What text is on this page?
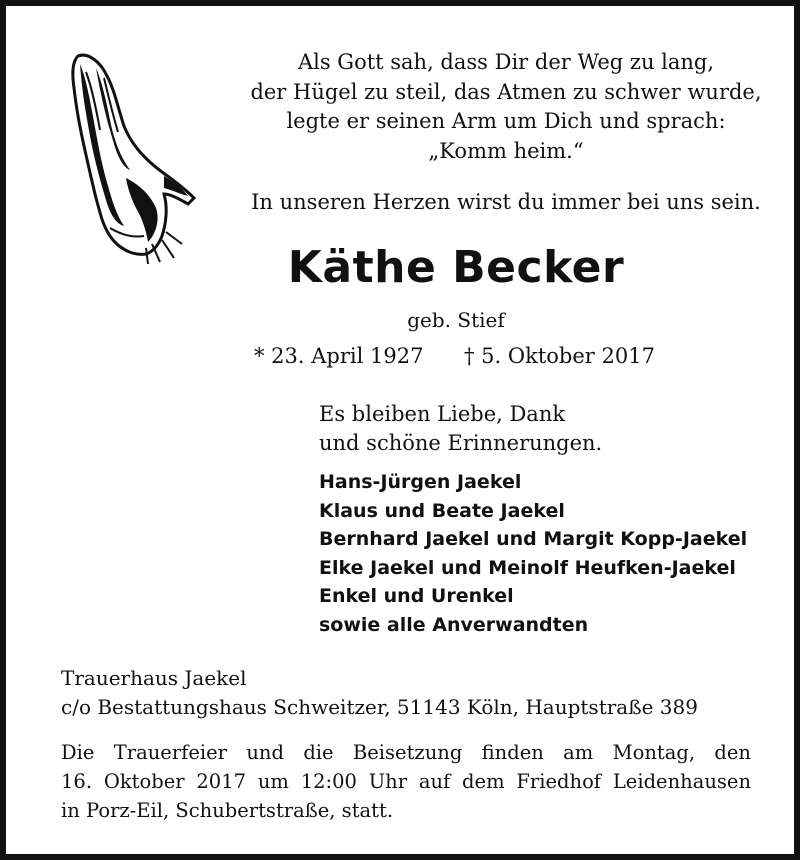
Als Gott sah, dass Dir der Weg zu lang,
der Hügel zu steil, das Atmen zu schwer wurde,
legte er seinen Arm um Dich und sprach:
„Komm heim.“
In unseren Herzen wirst du immer bei uns sein.
Käthe Becker
geb. Stief
* 23. April 1927 † 5. Oktober 2017
Es bleiben Liebe, Dank
und schöne Erinnerungen.
Hans-Jürgen Jaekel
Klaus und Beate Jaekel
Bernhard Jaekel und Margit Kopp-Jaekel
Elke Jaekel und Meinolf Heufken-Jaekel
Enkel und Urenkel
sowie alle Anverwandten
Trauerhaus Jaekel
c/o Bestattungshaus Schweitzer, 51143 Köln, Hauptstraße 389
Die Trauerfeier und die Beisetzung finden am Montag, den
16. Oktober 2017 um 12:00 Uhr auf dem Friedhof Leidenhausen
in Porz-Eil, Schubertstraße, statt.
